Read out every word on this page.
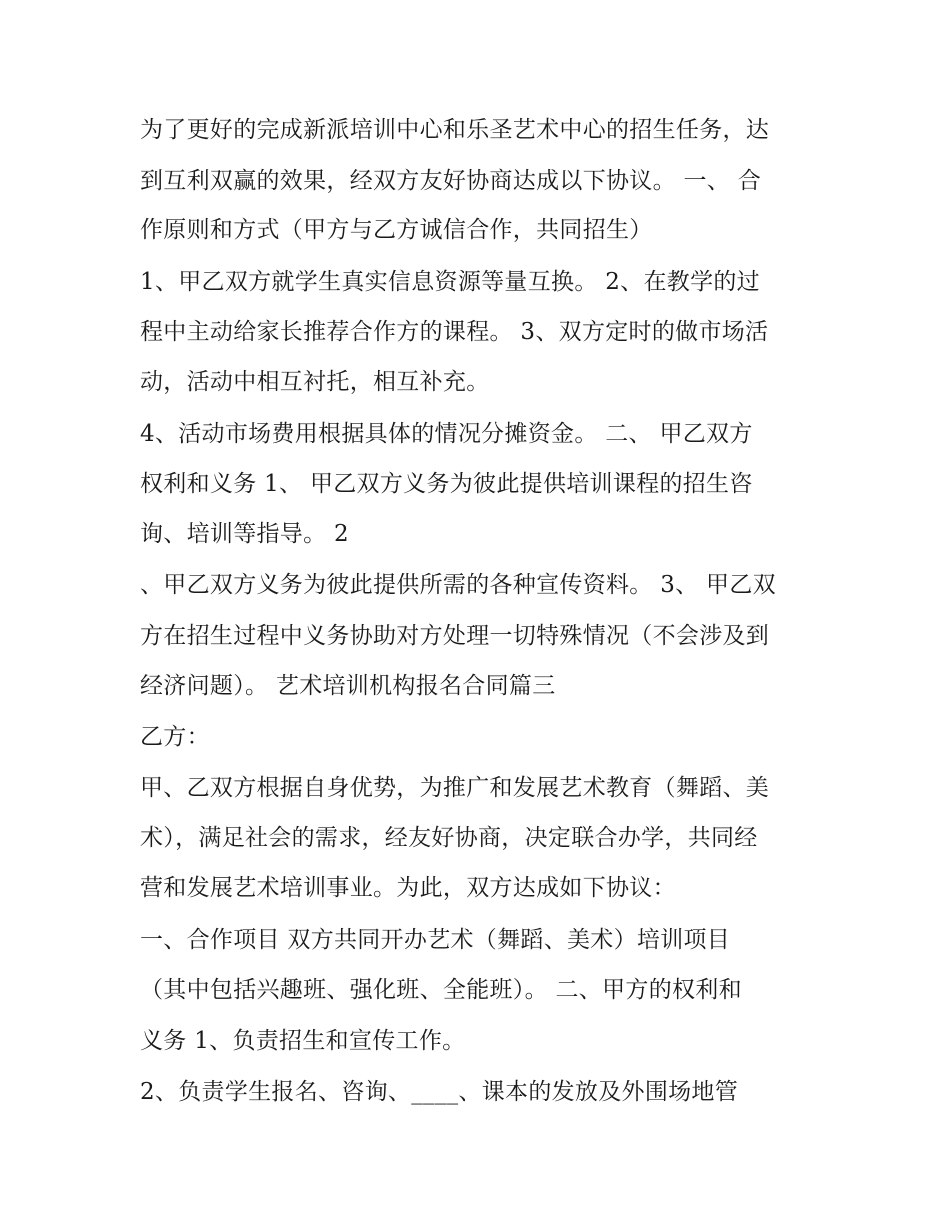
为了更好的完成新派培训中心和乐圣艺术中心的招生任务，达
到互利双赢的效果，经双方友好协商达成以下协议。 一、 合
作原则和方式（甲方与乙方诚信合作，共同招生）
1、甲乙双方就学生真实信息资源等量互换。 2、在教学的过
程中主动给家长推荐合作方的课程。 3、双方定时的做市场活
动，活动中相互衬托，相互补充。
4、活动市场费用根据具体的情况分摊资金。 二、 甲乙双方
权利和义务 1、 甲乙双方义务为彼此提供培训课程的招生咨
询、培训等指导。 2
、甲乙双方义务为彼此提供所需的各种宣传资料。 3、 甲乙双
方在招生过程中义务协助对方处理一切特殊情况（不会涉及到
经济问题）。 艺术培训机构报名合同篇三
乙方：
甲、乙双方根据自身优势，为推广和发展艺术教育（舞蹈、美
术），满足社会的需求，经友好协商，决定联合办学，共同经
营和发展艺术培训事业。为此，双方达成如下协议：
一、合作项目 双方共同开办艺术（舞蹈、美术）培训项目
（其中包括兴趣班、强化班、全能班）。 二、甲方的权利和
义务 1、负责招生和宣传工作。
2、负责学生报名、咨询、____、课本的发放及外围场地管
